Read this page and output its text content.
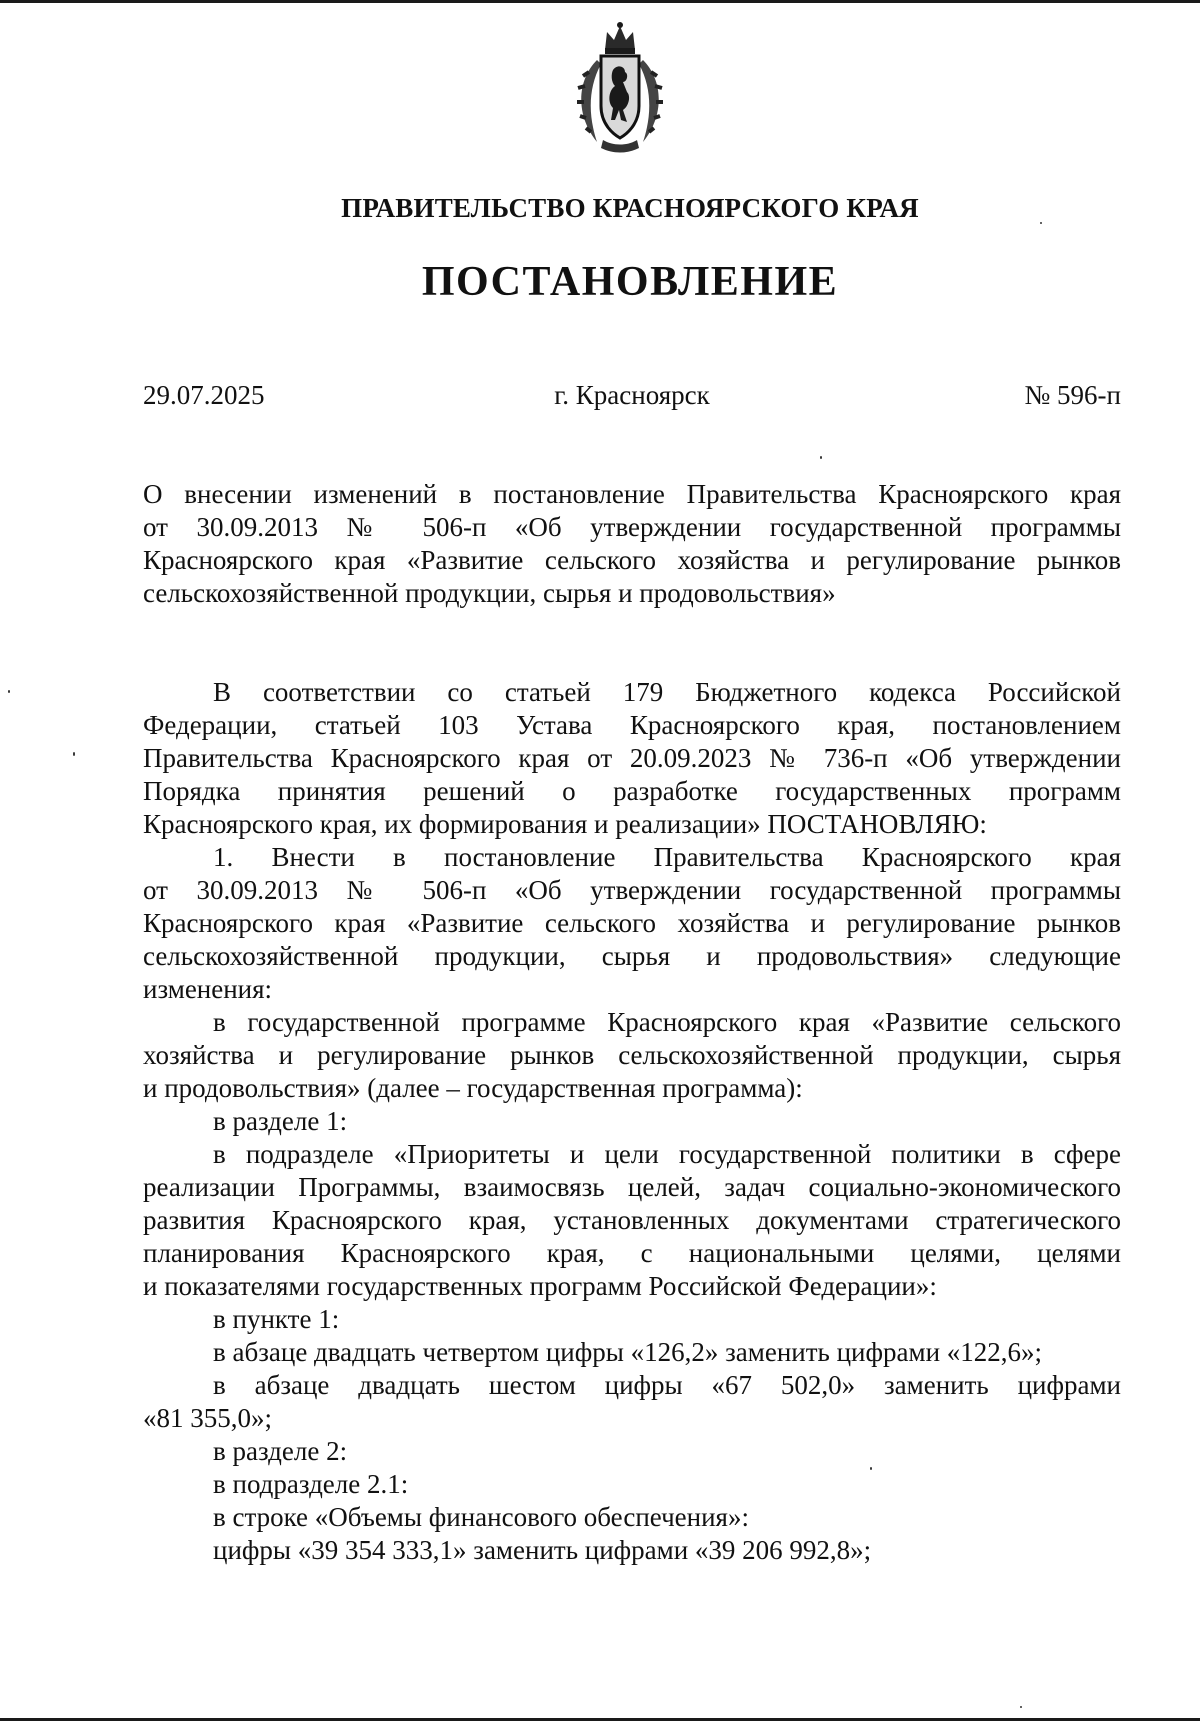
ПРАВИТЕЛЬСТВО КРАСНОЯРСКОГО КРАЯ
ПОСТАНОВЛЕНИЕ
29.07.2025	г. Красноярск	№ 596-п
О внесении изменений в постановление Правительства Красноярского края
от 30.09.2013 № 506-п «Об утверждении государственной программы
Красноярского края «Развитие сельского хозяйства и регулирование рынков
сельскохозяйственной продукции, сырья и продовольствия»
В соответствии со статьей 179 Бюджетного кодекса Российской
Федерации, статьей 103 Устава Красноярского края, постановлением
Правительства Красноярского края от 20.09.2023 № 736-п «Об утверждении
Порядка принятия решений о разработке государственных программ
Красноярского края, их формирования и реализации» ПОСТАНОВЛЯЮ:
1. Внести в постановление Правительства Красноярского края
от 30.09.2013 № 506-п «Об утверждении государственной программы
Красноярского края «Развитие сельского хозяйства и регулирование рынков
сельскохозяйственной продукции, сырья и продовольствия» следующие
изменения:
в государственной программе Красноярского края «Развитие сельского
хозяйства и регулирование рынков сельскохозяйственной продукции, сырья
и продовольствия» (далее – государственная программа):
в разделе 1:
в подразделе «Приоритеты и цели государственной политики в сфере
реализации Программы, взаимосвязь целей, задач социально-экономического
развития Красноярского края, установленных документами стратегического
планирования Красноярского края, с национальными целями, целями
и показателями государственных программ Российской Федерации»:
в пункте 1:
в абзаце двадцать четвертом цифры «126,2» заменить цифрами «122,6»;
в абзаце двадцать шестом цифры «67 502,0» заменить цифрами
«81 355,0»;
в разделе 2:
в подразделе 2.1:
в строке «Объемы финансового обеспечения»:
цифры «39 354 333,1» заменить цифрами «39 206 992,8»;
